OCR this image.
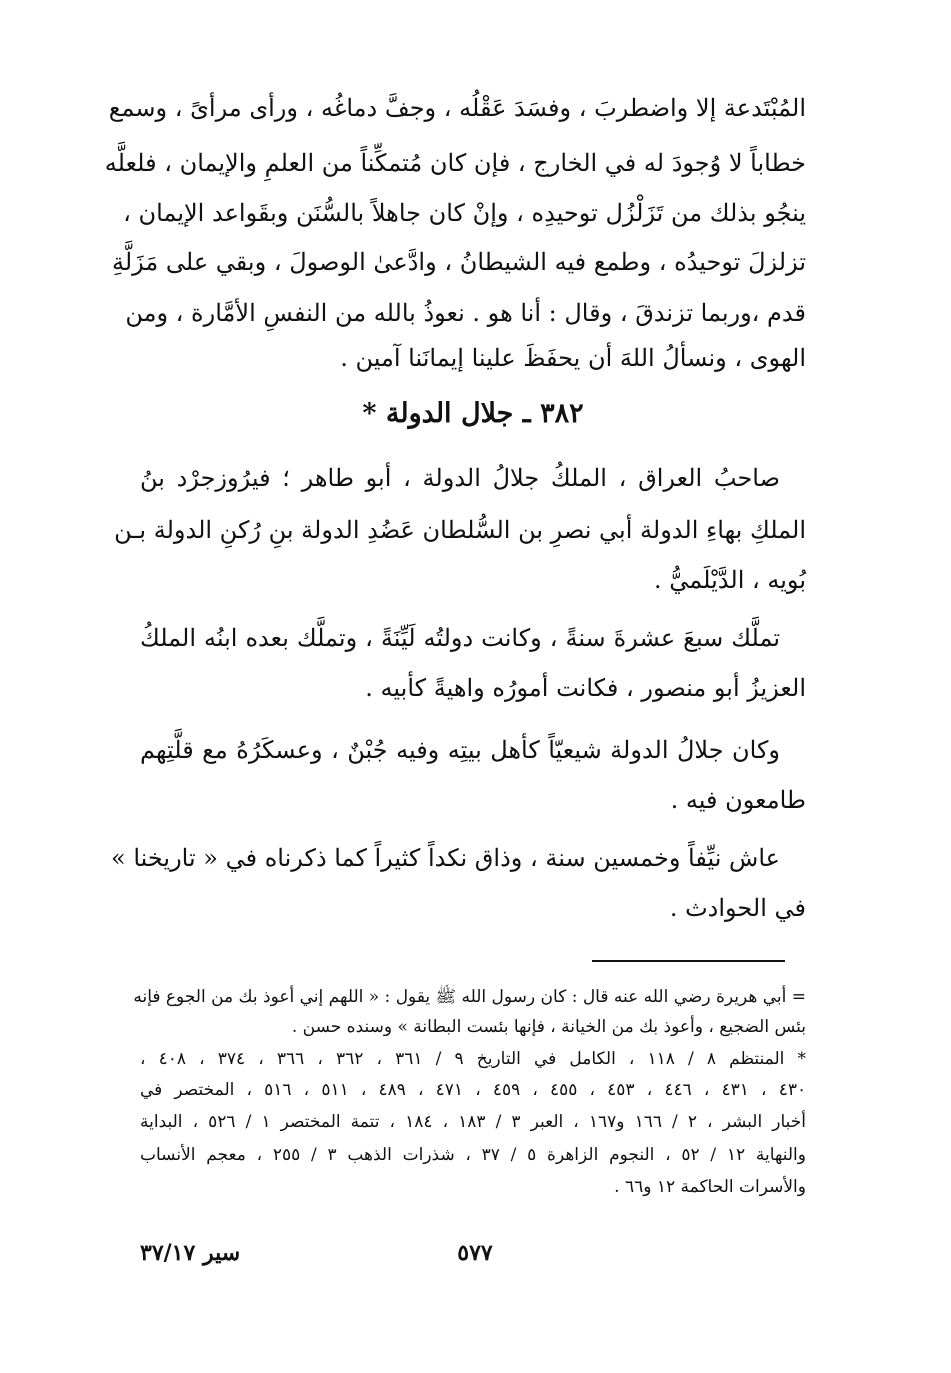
المُبْتَدعة إلا واضطربَ ، وفسَدَ عَقْلُه ، وجفَّ دماغُه ، ورأى مرأىً ، وسمع
خطاباً لا وُجودَ له في الخارج ، فإن كان مُتمكِّناً من العلمِ والإيمان ، فلعلَّه
ينجُو بذلك من تَزَلْزُل توحيدِه ، وإنْ كان جاهلاً بالسُّنَن وبقَواعد الإيمان ،
تزلزلَ توحيدُه ، وطمع فيه الشيطانُ ، وادَّعىٰ الوصولَ ، وبقي على مَزَلَّةِ
قدم ،وربما تزندقَ ، وقال : أنا هو . نعوذُ بالله من النفسِ الأمَّارة ، ومن
الهوى ، ونسألُ اللهَ أن يحفَظَ علينا إيمانَنا آمين .
٣٨٢ ـ جلال الدولة *
صاحبُ العراق ، الملكُ جلالُ الدولة ، أبو طاهر ؛ فيرُوزجرْد بنُ
الملكِ بهاءِ الدولة أبي نصرِ بن السُّلطان عَضُدِ الدولة بنِ رُكنِ الدولة بـن
بُويه ، الدَّيْلَميُّ .
تملَّك سبعَ عشرةَ سنةً ، وكانت دولتُه لَيِّنَةً ، وتملَّك بعده ابنُه الملكُ
العزيزُ أبو منصور ، فكانت أمورُه واهيةً كأبيه .
وكان جلالُ الدولة شيعيّاً كأهل بيتِه وفيه جُبْنٌ ، وعسكَرُهُ مع قلَّتِهم
طامعون فيه .
عاش نيِّفاً وخمسين سنة ، وذاق نكداً كثيراً كما ذكرناه في « تاريخنا »
في الحوادث .
= أبي هريرة رضي الله عنه قال : كان رسول الله ﷺ يقول : « اللهم إني أعوذ بك من الجوع فإنه
بئس الضجيع ، وأعوذ بك من الخيانة ، فإنها بئست البطانة » وسنده حسن .
* المنتظم ٨ / ١١٨ ، الكامل في التاريخ ٩ / ٣٦١ ، ٣٦٢ ، ٣٦٦ ، ٣٧٤ ، ٤٠٨ ،
٤٣٠ ، ٤٣١ ، ٤٤٦ ، ٤٥٣ ، ٤٥٥ ، ٤٥٩ ، ٤٧١ ، ٤٨٩ ، ٥١١ ، ٥١٦ ، المختصر في
أخبار البشر ، ٢ / ١٦٦ و١٦٧ ، العبر ٣ / ١٨٣ ، ١٨٤ ، تتمة المختصر ١ / ٥٢٦ ، البداية
والنهاية ١٢ / ٥٢ ، النجوم الزاهرة ٥ / ٣٧ ، شذرات الذهب ٣ / ٢٥٥ ، معجم الأنساب
والأسرات الحاكمة ١٢ و٦٦ .
٥٧٧
سير ٣٧/١٧
